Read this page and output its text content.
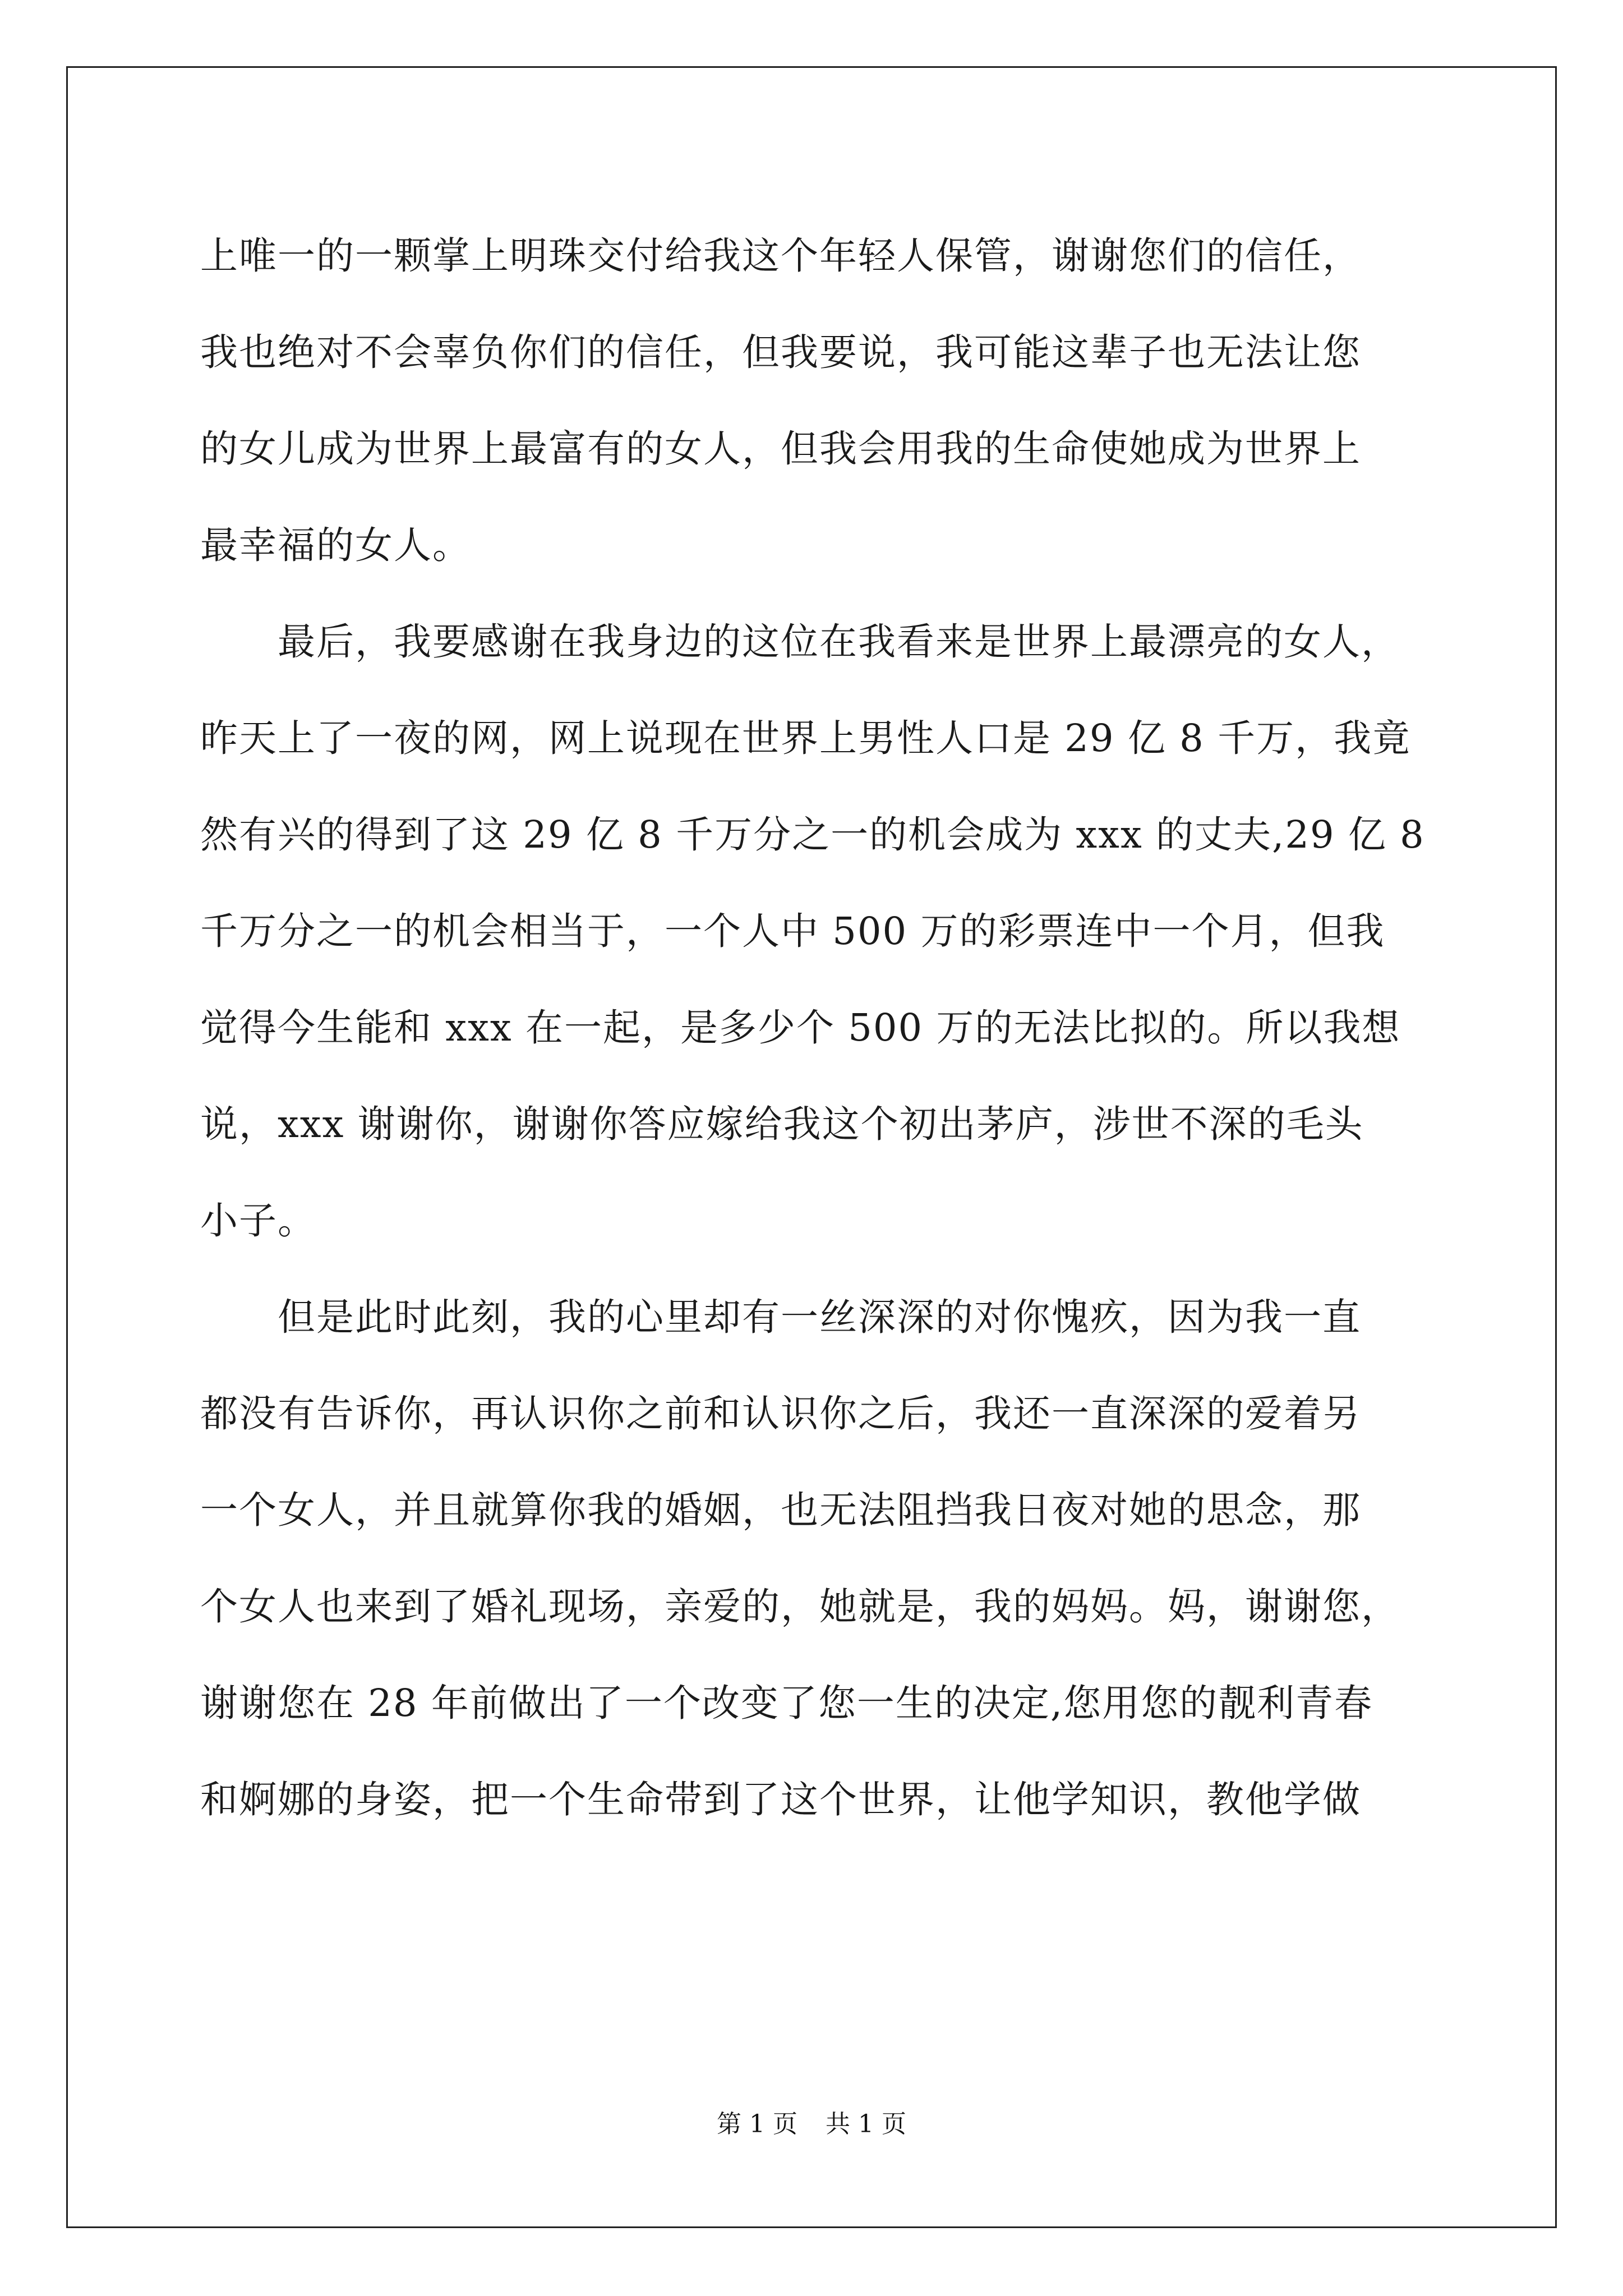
上唯一的一颗掌上明珠交付给我这个年轻人保管，谢谢您们的信任，
我也绝对不会辜负你们的信任，但我要说，我可能这辈子也无法让您
的女儿成为世界上最富有的女人，但我会用我的生命使她成为世界上
最幸福的女人。
　　最后，我要感谢在我身边的这位在我看来是世界上最漂亮的女人，
昨天上了一夜的网，网上说现在世界上男性人口是 29 亿 8 千万，我竟
然有兴的得到了这 29 亿 8 千万分之一的机会成为 xxx 的丈夫,29 亿 8
千万分之一的机会相当于，一个人中 500 万的彩票连中一个月，但我
觉得今生能和 xxx 在一起，是多少个 500 万的无法比拟的。所以我想
说，xxx 谢谢你，谢谢你答应嫁给我这个初出茅庐，涉世不深的毛头
小子。
　　但是此时此刻，我的心里却有一丝深深的对你愧疚，因为我一直
都没有告诉你，再认识你之前和认识你之后，我还一直深深的爱着另
一个女人，并且就算你我的婚姻，也无法阻挡我日夜对她的思念，那
个女人也来到了婚礼现场，亲爱的，她就是，我的妈妈。妈，谢谢您，
谢谢您在 28 年前做出了一个改变了您一生的决定,您用您的靓利青春
和婀娜的身姿，把一个生命带到了这个世界，让他学知识，教他学做
第 1 页 共 1 页
